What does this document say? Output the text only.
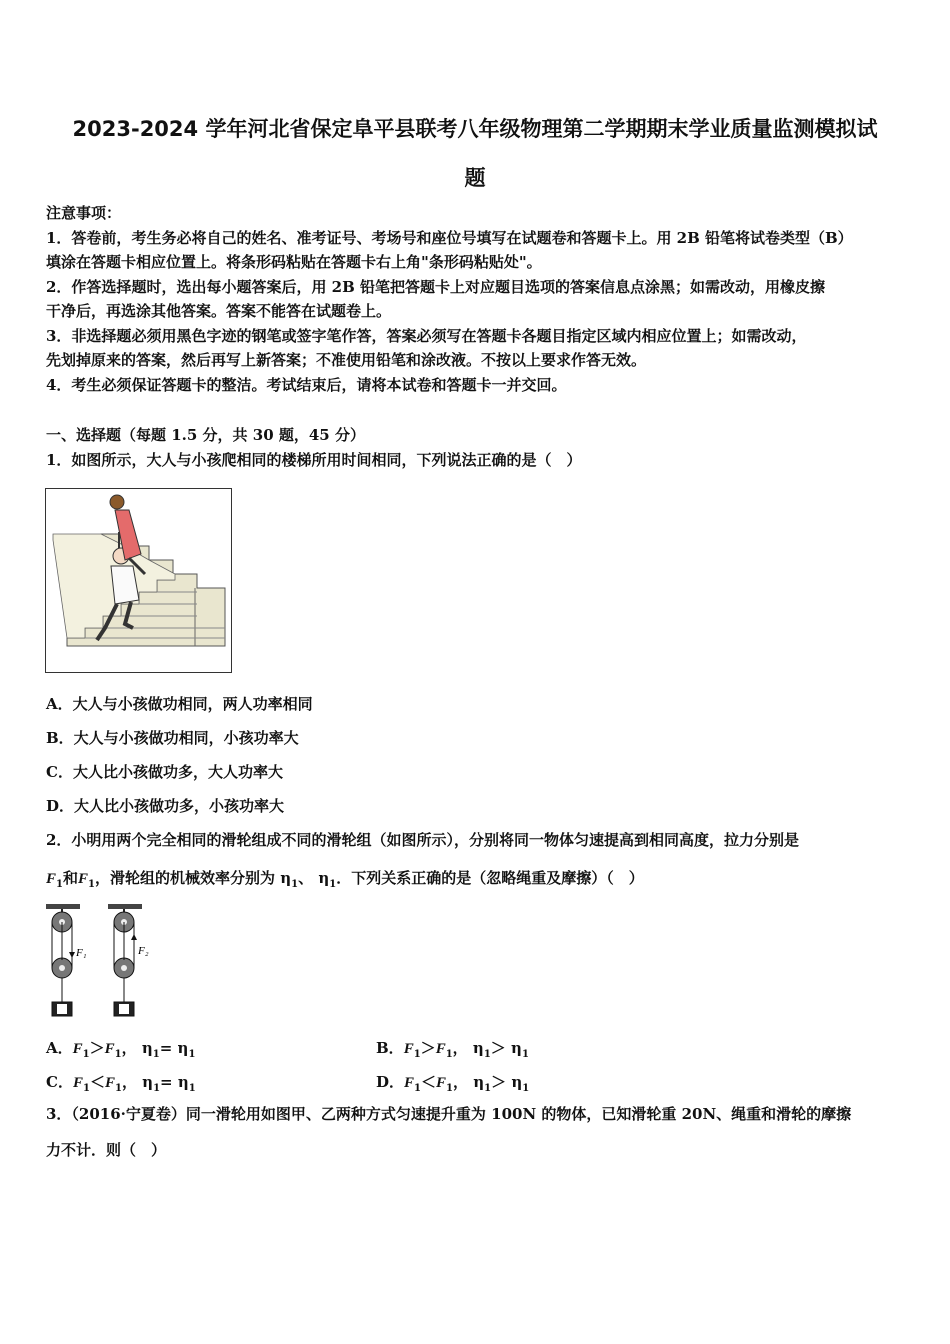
2023-2024 学年河北省保定阜平县联考八年级物理第二学期期末学业质量监测模拟试
题
注意事项：
1．答卷前，考生务必将自己的姓名、准考证号、考场号和座位号填写在试题卷和答题卡上。用 2B 铅笔将试卷类型（B）
填涂在答题卡相应位置上。将条形码粘贴在答题卡右上角"条形码粘贴处"。
2．作答选择题时，选出每小题答案后，用 2B 铅笔把答题卡上对应题目选项的答案信息点涂黑；如需改动，用橡皮擦
干净后，再选涂其他答案。答案不能答在试题卷上。
3．非选择题必须用黑色字迹的钢笔或签字笔作答，答案必须写在答题卡各题目指定区域内相应位置上；如需改动，
先划掉原来的答案，然后再写上新答案；不准使用铅笔和涂改液。不按以上要求作答无效。
4．考生必须保证答题卡的整洁。考试结束后，请将本试卷和答题卡一并交回。
一、选择题（每题 1.5 分，共 30 题，45 分）
1．如图所示，大人与小孩爬相同的楼梯所用时间相同，下列说法正确的是（　）
A．大人与小孩做功相同，两人功率相同
B．大人与小孩做功相同，小孩功率大
C．大人比小孩做功多，大人功率大
D．大人比小孩做功多，小孩功率大
2．小明用两个完全相同的滑轮组成不同的滑轮组（如图所示），分别将同一物体匀速提高到相同高度，拉力分别是
$F_1$和$F_1$，滑轮组的机械效率分别为 $\eta_1$、 $\eta_1$．下列关系正确的是（忽略绳重及摩擦）（　）
F₁	F₂
A．$F_1>F_1$， $\eta_1= \eta_1$	B．$F_1>F_1$， $\eta_1> \eta_1$
C．$F_1<F_1$， $\eta_1= \eta_1$	D．$F_1<F_1$， $\eta_1> \eta_1$
3．（2016·宁夏卷）同一滑轮用如图甲、乙两种方式匀速提升重为 100N 的物体，已知滑轮重 20N、绳重和滑轮的摩擦
力不计．则（　）
